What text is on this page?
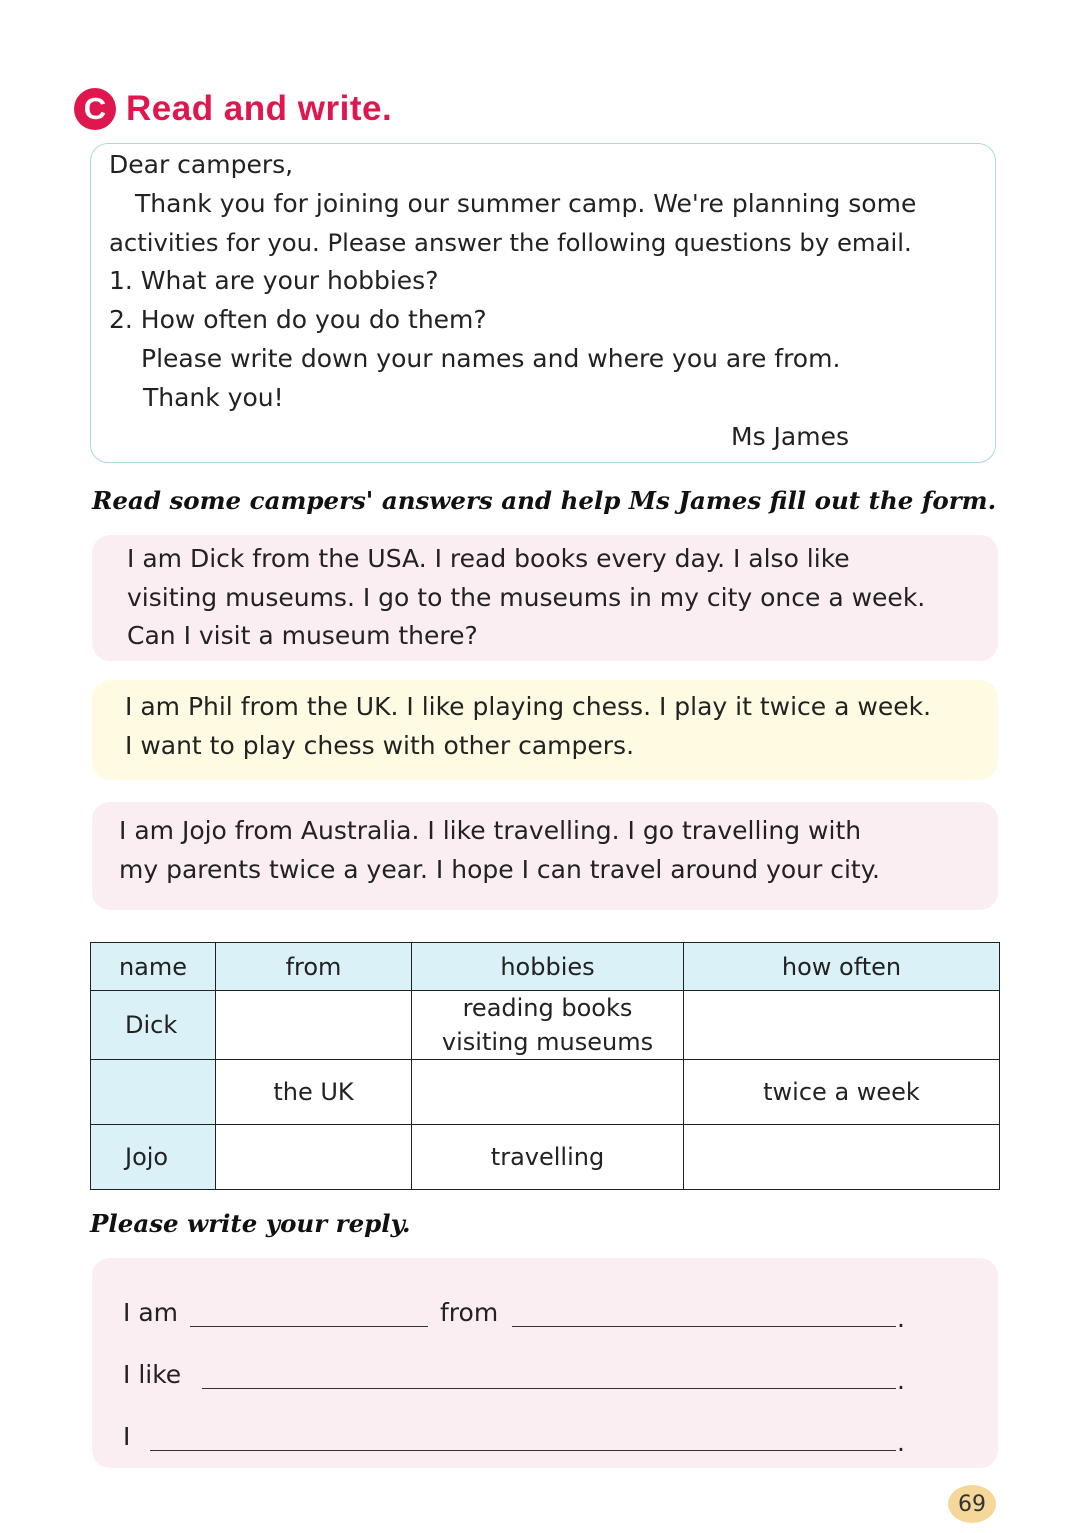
C Read and write.
Dear campers,
Thank you for joining our summer camp. We're planning some
activities for you. Please answer the following questions by email.
1. What are your hobbies?
2. How often do you do them?
Please write down your names and where you are from.
Thank you!
Ms James
Read some campers' answers and help Ms James fill out the form.
I am Dick from the USA. I read books every day. I also like
visiting museums. I go to the museums in my city once a week.
Can I visit a museum there?
I am Phil from the UK. I like playing chess. I play it twice a week.
I want to play chess with other campers.
I am Jojo from Australia. I like travelling. I go travelling with
my parents twice a year. I hope I can travel around your city.
name	from	hobbies	how often
Dick		reading books
visiting museums	

	the UK		twice a week
Jojo		travelling	

Please write your reply.
I am	from	.
I like	.
I	.
69
